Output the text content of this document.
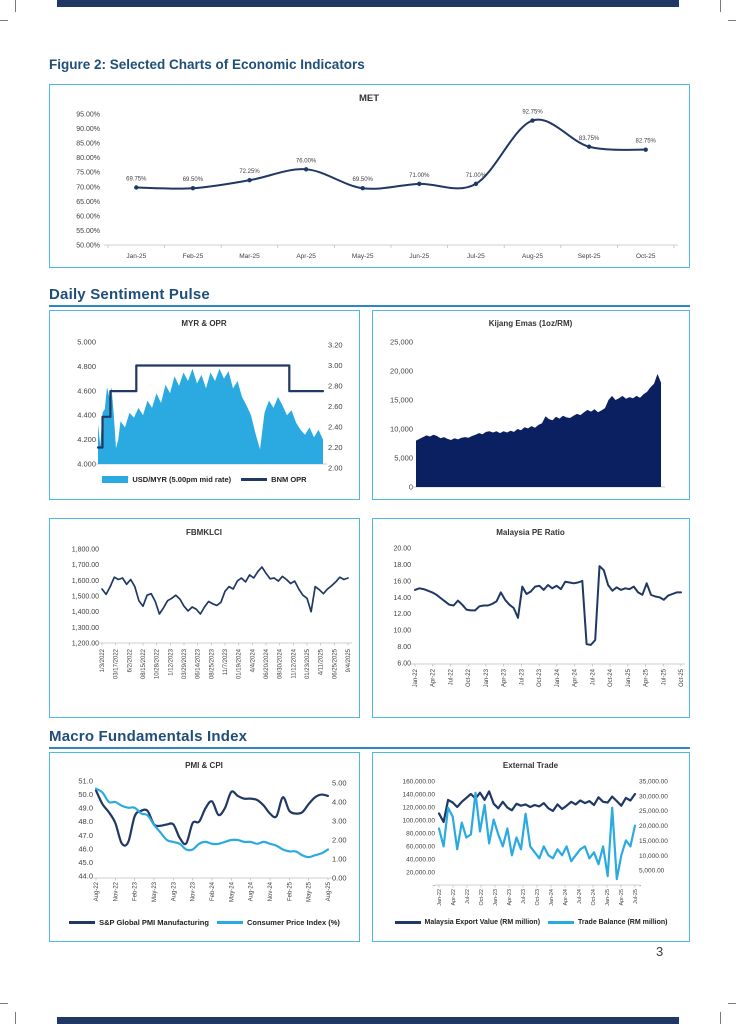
Figure 2: Selected Charts of Economic Indicators
Daily Sentiment Pulse
Macro Fundamentals Index
MET
95.00%
90.00%
85.00%
80.00%
75.00%
70.00%
65.00%
60.00%
55.00%
50.00%
Jan-25	Feb-25	Mar-25	Apr-25	May-25	Jun-25	Jul-25	Aug-25	Sept-25	Oct-25
69.75%	69.50%
72.25%
76.00%
69.50%
71.00%	71.00%
92.75%
83.75%	82.75%
MYR & OPR
5.000
4.800
4.600
4.400
4.200
4.000
3.20
3.00
2.80
2.60
2.40
2.20
2.00
USD/MYR (5.00pm mid rate)	BNM OPR
Kijang Emas (1oz/RM)
25,000
20,000
15,000
10,000
5,000
0
FBMKLCI
1,800.00
1,700.00
1,600.00
1,500.00
1,400.00
1,300.00
1,200.00
1/3/2022 03/17/2022 6/2/2022 08/15/2022 10/28/2022 1/12/2023 03/29/2023 06/14/2023 08/25/2023 11/7/2023 01/19/2024 4/4/2024 06/20/2024 08/30/2024 11/12/2024 01/23/2025 4/11/2025 06/25/2025 9/4/2025
Malaysia PE Ratio
20.00
18.00
16.00
14.00
12.00
10.00
8.00
6.00
Jan-22 Apr-22 Jul-22 Oct-22 Jan-23 Apr-23 Jul-23 Oct-23 Jan-24 Apr-24 Jul-24 Oct-24 Jan-25 Apr-25 Jul-25 Oct-25
PMI & CPI
51.0
50.0
49.0
48.0
47.0
46.0
45.0
44.0
5.00
4.00
3.00
2.00
1.00
0.00
Aug-22 Nov-22 Feb-23 May-23 Aug-23 Nov-23 Feb-24 May-24 Aug-24 Nov-24 Feb-25 May-25 Aug-25
S&P Global PMI Manufacturing	Consumer Price Index (%)
External Trade
160,000.00
140,000.00
120,000.00
100,000.00
80,000.00
60,000.00
40,000.00
20,000.00
-
35,000.00
30,000.00
25,000.00
20,000.00
15,000.00
10,000.00
5,000.00
-
Jan-22 Apr-22 Jul-22 Oct-22 Jan-23 Apr-23 Jul-23 Oct-23 Jan-24 Apr-24 Jul-24 Oct-24 Jan-25 Apr-25 Jul-25
Malaysia Export Value (RM million)	Trade Balance (RM million)
3
